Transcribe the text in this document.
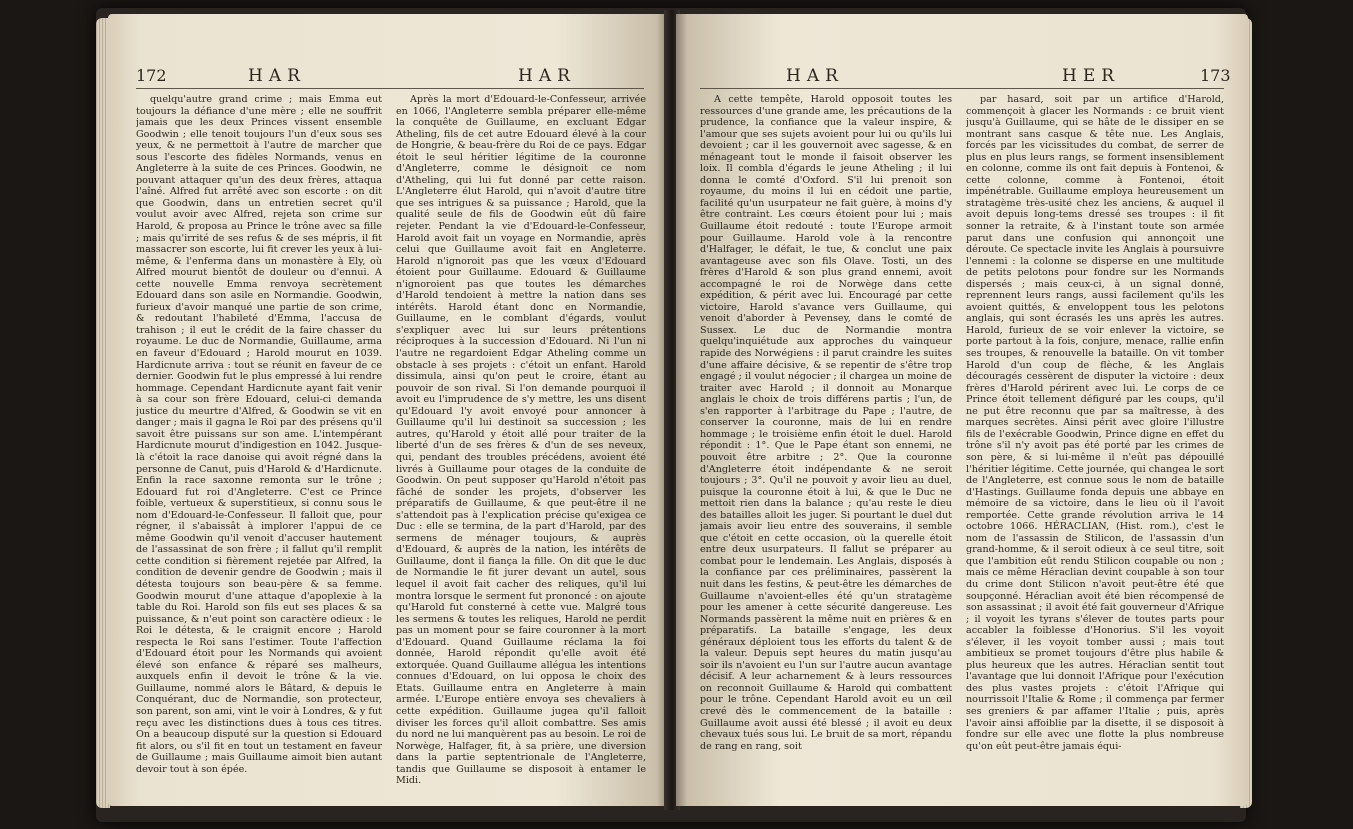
172	HAR	HAR

quelqu'autre grand crime ; mais Emma eut toujours la défiance d'une mère ; elle ne souffrit jamais que les deux Princes vissent ensemble Goodwin ; elle tenoit toujours l'un d'eux sous ses yeux, & ne permettoit à l'autre de marcher que sous l'escorte des fidèles Normands, venus en Angleterre à la suite de ces Princes. Goodwin, ne pouvant attaquer qu'un des deux frères, attaqua l'aîné. Alfred fut arrêté avec son escorte : on dit que Goodwin, dans un entretien secret qu'il voulut avoir avec Alfred, rejeta son crime sur Harold, & proposa au Prince le trône avec sa fille ; mais qu'irrité de ses refus & de ses mépris, il fit massacrer son escorte, lui fit crever les yeux à lui-même, & l'enferma dans un monastère à Ely, où Alfred mourut bientôt de douleur ou d'ennui. A cette nouvelle Emma renvoya secrètement Edouard dans son asile en Normandie. Goodwin, furieux d'avoir manqué une partie de son crime, & redoutant l'habileté d'Emma, l'accusa de trahison ; il eut le crédit de la faire chasser du royaume. Le duc de Normandie, Guillaume, arma en faveur d'Edouard ; Harold mourut en 1039. Hardicnute arriva : tout se réunit en faveur de ce dernier. Goodwin fut le plus empressé à lui rendre hommage. Cependant Hardicnute ayant fait venir à sa cour son frère Edouard, celui-ci demanda justice du meurtre d'Alfred, & Goodwin se vit en danger ; mais il gagna le Roi par des présens qu'il savoit être puissans sur son ame. L'intempérant Hardicnute mourut d'indigestion en 1042. Jusque-là c'étoit la race danoise qui avoit régné dans la personne de Canut, puis d'Harold & d'Hardicnute. Enfin la race saxonne remonta sur le trône ; Edouard fut roi d'Angleterre. C'est ce Prince foible, vertueux & superstitieux, si connu sous le nom d'Edouard-le-Confesseur. Il falloit que, pour régner, il s'abaissât à implorer l'appui de ce même Goodwin qu'il venoit d'accuser hautement de l'assassinat de son frère ; il fallut qu'il remplit cette condition si fièrement rejetée par Alfred, la condition de devenir gendre de Goodwin ; mais il détesta toujours son beau-père & sa femme. Goodwin mourut d'une attaque d'apoplexie à la table du Roi. Harold son fils eut ses places & sa puissance, & n'eut point son caractère odieux : le Roi le détesta, & le craignit encore ; Harold respecta le Roi sans l'estimer. Toute l'affection d'Edouard étoit pour les Normands qui avoient élevé son enfance & réparé ses malheurs, auxquels enfin il devoit le trône & la vie. Guillaume, nommé alors le Bâtard, & depuis le Conquérant, duc de Normandie, son protecteur, son parent, son ami, vint le voir à Londres, & y fut reçu avec les distinctions dues à tous ces titres. On a beaucoup disputé sur la question si Edouard fit alors, ou s'il fit en tout un testament en faveur de Guillaume ; mais Guillaume aimoit bien autant devoir tout à son épée.

Après la mort d'Edouard-le-Confesseur, arrivée en 1066, l'Angleterre sembla préparer elle-même la conquête de Guillaume, en excluant Edgar Atheling, fils de cet autre Edouard élevé à la cour de Hongrie, & beau-frère du Roi de ce pays. Edgar étoit le seul héritier légitime de la couronne d'Angleterre, comme le désignoit ce nom d'Atheling, qui lui fut donné par cette raison. L'Angleterre élut Harold, qui n'avoit d'autre titre que ses intrigues & sa puissance ; Harold, que la qualité seule de fils de Goodwin eût dû faire rejeter. Pendant la vie d'Edouard-le-Confesseur, Harold avoit fait un voyage en Normandie, après celui que Guillaume avoit fait en Angleterre. Harold n'ignoroit pas que les vœux d'Edouard étoient pour Guillaume. Edouard & Guillaume n'ignoroient pas que toutes les démarches d'Harold tendoient à mettre la nation dans ses intérêts. Harold étant donc en Normandie, Guillaume, en le comblant d'égards, voulut s'expliquer avec lui sur leurs prétentions réciproques à la succession d'Edouard. Ni l'un ni l'autre ne regardoient Edgar Atheling comme un obstacle à ses projets : c'étoit un enfant. Harold dissimula, ainsi qu'on peut le croire, étant au pouvoir de son rival. Si l'on demande pourquoi il avoit eu l'imprudence de s'y mettre, les uns disent qu'Edouard l'y avoit envoyé pour annoncer à Guillaume qu'il lui destinoit sa succession ; les autres, qu'Harold y étoit allé pour traiter de la liberté d'un de ses frères & d'un de ses neveux, qui, pendant des troubles précédens, avoient été livrés à Guillaume pour otages de la conduite de Goodwin. On peut supposer qu'Harold n'étoit pas fâché de sonder les projets, d'observer les préparatifs de Guillaume, & que peut-être il ne s'attendoit pas à l'explication précise qu'exigea ce Duc : elle se termina, de la part d'Harold, par des sermens de ménager toujours, & auprès d'Edouard, & auprès de la nation, les intérêts de Guillaume, dont il fiança la fille. On dit que le duc de Normandie le fit jurer devant un autel, sous lequel il avoit fait cacher des reliques, qu'il lui montra lorsque le serment fut prononcé : on ajoute qu'Harold fut consterné à cette vue. Malgré tous les sermens & toutes les reliques, Harold ne perdit pas un moment pour se faire couronner à la mort d'Edouard. Quand Guillaume réclama la foi donnée, Harold répondit qu'elle avoit été extorquée. Quand Guillaume allégua les intentions connues d'Edouard, on lui opposa le choix des Etats. Guillaume entra en Angleterre à main armée. L'Europe entière envoya ses chevaliers à cette expédition. Guillaume jugea qu'il falloit diviser les forces qu'il alloit combattre. Ses amis du nord ne lui manquèrent pas au besoin. Le roi de Norwège, Halfager, fit, à sa prière, une diversion dans la partie septentrionale de l'Angleterre, tandis que Guillaume se disposoit à entamer le Midi.

HAR	HER	173

A cette tempête, Harold opposoit toutes les ressources d'une grande ame, les précautions de la prudence, la confiance que la valeur inspire, & l'amour que ses sujets avoient pour lui ou qu'ils lui devoient ; car il les gouvernoit avec sagesse, & en ménageant tout le monde il faisoit observer les loix. Il combla d'égards le jeune Atheling ; il lui donna le comté d'Oxford. S'il lui prenoit son royaume, du moins il lui en cédoit une partie, facilité qu'un usurpateur ne fait guère, à moins d'y être contraint. Les cœurs étoient pour lui ; mais Guillaume étoit redouté : toute l'Europe armoit pour Guillaume. Harold vole à la rencontre d'Halfager, le défait, le tue, & conclut une paix avantageuse avec son fils Olave. Tosti, un des frères d'Harold & son plus grand ennemi, avoit accompagné le roi de Norwège dans cette expédition, & périt avec lui. Encouragé par cette victoire, Harold s'avance vers Guillaume, qui venoit d'aborder à Pevensey, dans le comté de Sussex. Le duc de Normandie montra quelqu'inquiétude aux approches du vainqueur rapide des Norwégiens : il parut craindre les suites d'une affaire décisive, & se repentir de s'être trop engagé ; il voulut négocier ; il chargea un moine de traiter avec Harold ; il donnoit au Monarque anglais le choix de trois différens partis ; l'un, de s'en rapporter à l'arbitrage du Pape ; l'autre, de conserver la couronne, mais de lui en rendre hommage ; le troisième enfin étoit le duel. Harold répondit : 1°. Que le Pape étant son ennemi, ne pouvoit être arbitre ; 2°. Que la couronne d'Angleterre étoit indépendante & ne seroit toujours ; 3°. Qu'il ne pouvoit y avoir lieu au duel, puisque la couronne étoit à lui, & que le Duc ne mettoit rien dans la balance ; qu'au reste le dieu des batailles alloit les juger. Si pourtant le duel dut jamais avoir lieu entre des souverains, il semble que c'étoit en cette occasion, où la querelle étoit entre deux usurpateurs. Il fallut se préparer au combat pour le lendemain. Les Anglais, disposés à la confiance par ces préliminaires, passèrent la nuit dans les festins, & peut-être les démarches de Guillaume n'avoient-elles été qu'un stratagème pour les amener à cette sécurité dangereuse. Les Normands passèrent la même nuit en prières & en préparatifs. La bataille s'engage, les deux généraux déploient tous les efforts du talent & de la valeur. Depuis sept heures du matin jusqu'au soir ils n'avoient eu l'un sur l'autre aucun avantage décisif. A leur acharnement & à leurs ressources on reconnoit Guillaume & Harold qui combattent pour le trône. Cependant Harold avoit eu un œil crevé dès le commencement de la bataille : Guillaume avoit aussi été blessé ; il avoit eu deux chevaux tués sous lui. Le bruit de sa mort, répandu de rang en rang, soit

par hasard, soit par un artifice d'Harold, commençoit à glacer les Normands : ce bruit vient jusqu'à Guillaume, qui se hâte de le dissiper en se montrant sans casque & tête nue. Les Anglais, forcés par les vicissitudes du combat, de serrer de plus en plus leurs rangs, se forment insensiblement en colonne, comme ils ont fait depuis à Fontenoi, & cette colonne, comme à Fontenoi, étoit impénétrable. Guillaume employa heureusement un stratagème très-usité chez les anciens, & auquel il avoit depuis long-tems dressé ses troupes : il fit sonner la retraite, & à l'instant toute son armée parut dans une confusion qui annonçoit une déroute. Ce spectacle invite les Anglais à poursuivre l'ennemi : la colonne se disperse en une multitude de petits pelotons pour fondre sur les Normands dispersés ; mais ceux-ci, à un signal donné, reprennent leurs rangs, aussi facilement qu'ils les avoient quittés, & enveloppent tous les pelotons anglais, qui sont écrasés les uns après les autres. Harold, furieux de se voir enlever la victoire, se porte partout à la fois, conjure, menace, rallie enfin ses troupes, & renouvelle la bataille. On vit tomber Harold d'un coup de flèche, & les Anglais découragés cessèrent de disputer la victoire : deux frères d'Harold périrent avec lui. Le corps de ce Prince étoit tellement défiguré par les coups, qu'il ne put être reconnu que par sa maîtresse, à des marques secrètes. Ainsi périt avec gloire l'illustre fils de l'exécrable Goodwin, Prince digne en effet du trône s'il n'y avoit pas été porté par les crimes de son père, & si lui-même il n'eût pas dépouillé l'héritier légitime. Cette journée, qui changea le sort de l'Angleterre, est connue sous le nom de bataille d'Hastings. Guillaume fonda depuis une abbaye en mémoire de sa victoire, dans le lieu où il l'avoit remportée. Cette grande révolution arriva le 14 octobre 1066. HÉRACLIAN, (Hist. rom.), c'est le nom de l'assassin de Stilicon, de l'assassin d'un grand-homme, & il seroit odieux à ce seul titre, soit que l'ambition eût rendu Stilicon coupable ou non ; mais ce même Héraclian devint coupable à son tour du crime dont Stilicon n'avoit peut-être été que soupçonné. Héraclian avoit été bien récompensé de son assassinat ; il avoit été fait gouverneur d'Afrique ; il voyoit les tyrans s'élever de toutes parts pour accabler la foiblesse d'Honorius. S'il les voyoit s'élever, il les voyoit tomber aussi ; mais tout ambitieux se promet toujours d'être plus habile & plus heureux que les autres. Héraclian sentit tout l'avantage que lui donnoit l'Afrique pour l'exécution des plus vastes projets : c'étoit l'Afrique qui nourrissoit l'Italie & Rome ; il commença par fermer ses greniers & par affamer l'Italie ; puis, après l'avoir ainsi affoiblie par la disette, il se disposoit à fondre sur elle avec une flotte la plus nombreuse qu'on eût peut-être jamais équi-
